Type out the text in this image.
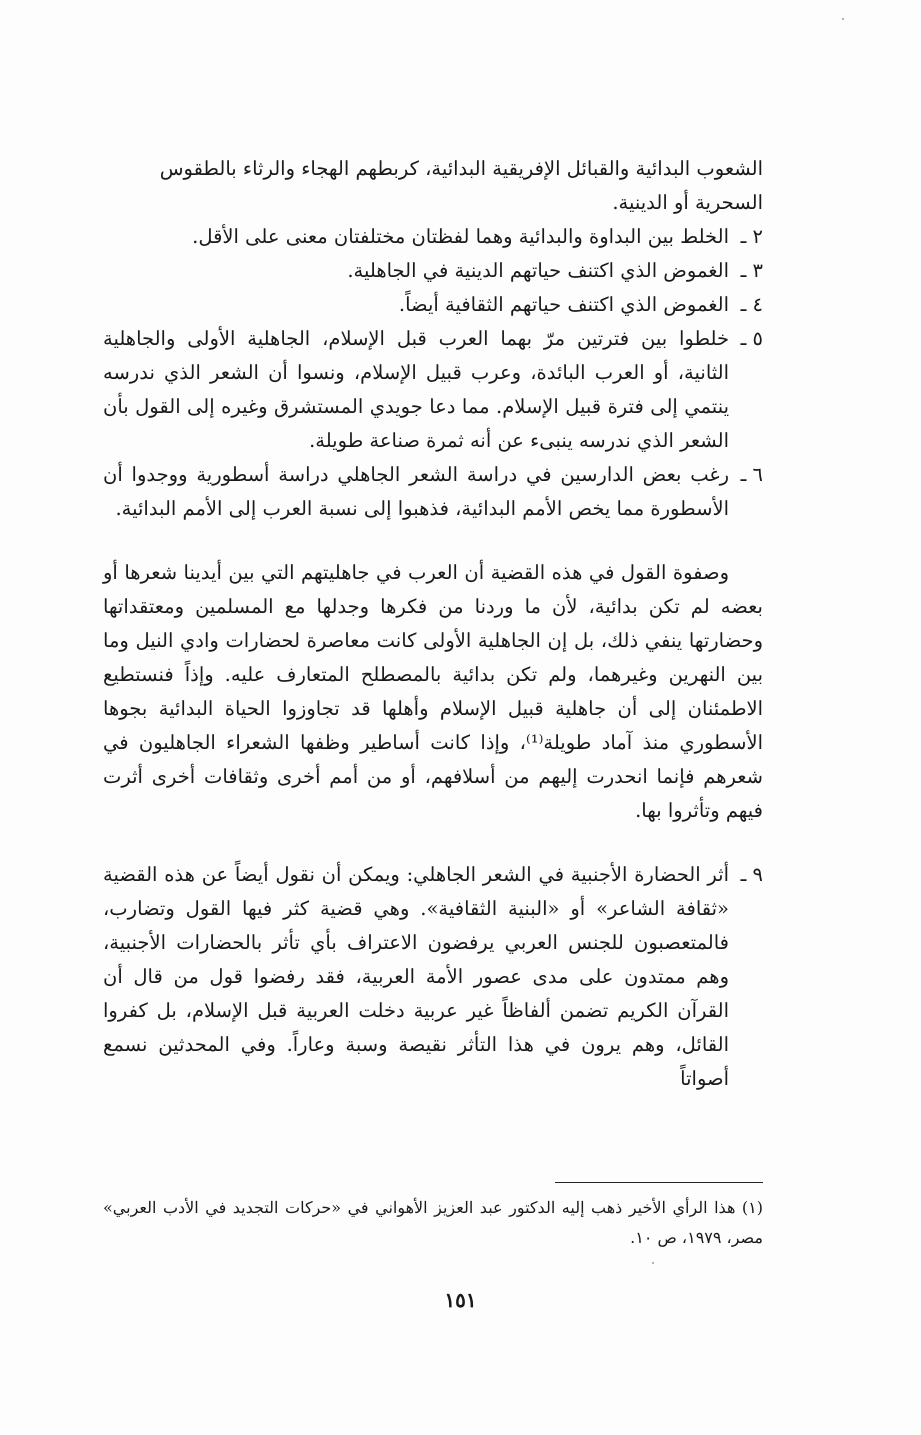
الشعوب البدائية والقبائل الإفريقية البدائية، كربطهم الهجاء والرثاء بالطقوس
السحرية أو الدينية.
٢ ـ
الخلط بين البداوة والبدائية وهما لفظتان مختلفتان معنى على الأقل.
٣ ـ
الغموض الذي اكتنف حياتهم الدينية في الجاهلية.
٤ ـ
الغموض الذي اكتنف حياتهم الثقافية أيضاً.
٥ ـ
خلطوا بين فترتين مرّ بهما العرب قبل الإسلام، الجاهلية الأولى والجاهلية الثانية، أو العرب البائدة، وعرب قبيل الإسلام، ونسوا أن الشعر الذي ندرسه ينتمي إلى فترة قبيل الإسلام. مما دعا جويدي المستشرق وغيره إلى القول بأن الشعر الذي ندرسه ينبىء عن أنه ثمرة صناعة طويلة.
٦ ـ
رغب بعض الدارسين في دراسة الشعر الجاهلي دراسة أسطورية ووجدوا أن الأسطورة مما يخص الأمم البدائية، فذهبوا إلى نسبة العرب إلى الأمم البدائية.
وصفوة القول في هذه القضية أن العرب في جاهليتهم التي بين أيدينا شعرها أو بعضه لم تكن بدائية، لأن ما وردنا من فكرها وجدلها مع المسلمين ومعتقداتها وحضارتها ينفي ذلك، بل إن الجاهلية الأولى كانت معاصرة لحضارات وادي النيل وما بين النهرين وغيرهما، ولم تكن بدائية بالمصطلح المتعارف عليه. وإذاً فنستطيع الاطمئنان إلى أن جاهلية قبيل الإسلام وأهلها قد تجاوزوا الحياة البدائية بجوها الأسطوري منذ آماد طويلة⁽¹⁾، وإذا كانت أساطير وظفها الشعراء الجاهليون في شعرهم فإنما انحدرت إليهم من أسلافهم، أو من أمم أخرى وثقافات أخرى أثرت فيهم وتأثروا بها.
٩ ـ
أثر الحضارة الأجنبية في الشعر الجاهلي: ويمكن أن نقول أيضاً عن هذه القضية «ثقافة الشاعر» أو «البنية الثقافية». وهي قضية كثر فيها القول وتضارب، فالمتعصبون للجنس العربي يرفضون الاعتراف بأي تأثر بالحضارات الأجنبية، وهم ممتدون على مدى عصور الأمة العربية، فقد رفضوا قول من قال أن القرآن الكريم تضمن ألفاظاً غير عربية دخلت العربية قبل الإسلام، بل كفروا القائل، وهم يرون في هذا التأثر نقيصة وسبة وعاراً. وفي المحدثين نسمع أصواتاً
(١) هذا الرأي الأخير ذهب إليه الدكتور عبد العزيز الأهواني في «حركات التجديد في الأدب العربي» مصر، ١٩٧٩، ص ١٠.
١٥١
